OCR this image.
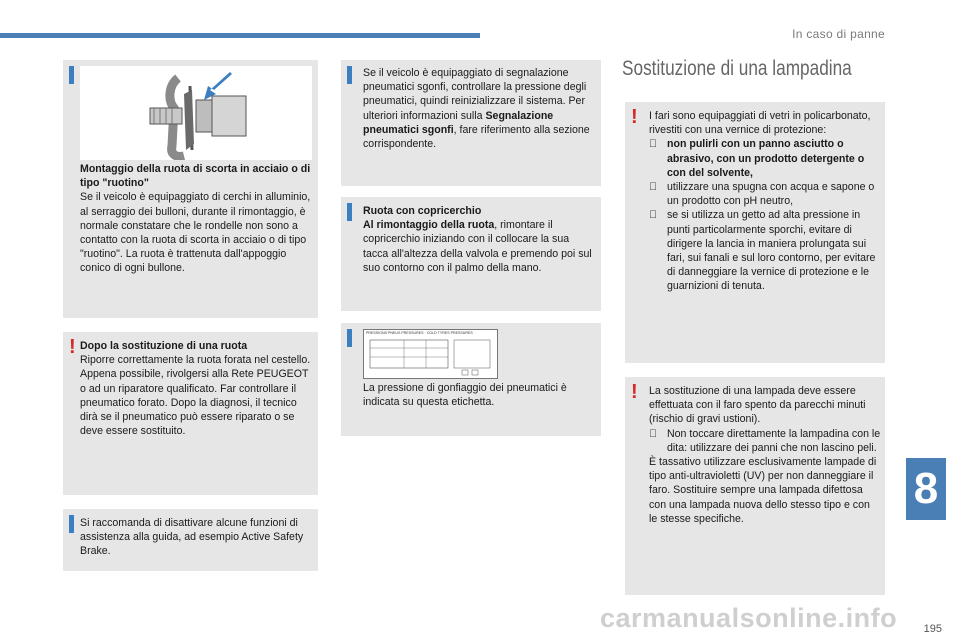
In caso di panne
Montaggio della ruota di scorta in acciaio o di tipo "ruotino"
Se il veicolo è equipaggiato di cerchi in alluminio, al serraggio dei bulloni, durante il rimontaggio, è normale constatare che le rondelle non sono a contatto con la ruota di scorta in acciaio o di tipo "ruotino". La ruota è trattenuta dall'appoggio conico di ogni bullone.
! Dopo la sostituzione di una ruota
Riporre correttamente la ruota forata nel cestello. Appena possibile, rivolgersi alla Rete PEUGEOT o ad un riparatore qualificato. Far controllare il pneumatico forato. Dopo la diagnosi, il tecnico dirà se il pneumatico può essere riparato o se deve essere sostituito.
Si raccomanda di disattivare alcune funzioni di assistenza alla guida, ad esempio Active Safety Brake.
Se il veicolo è equipaggiato di segnalazione pneumatici sgonfi, controllare la pressione degli pneumatici, quindi reinizializzare il sistema. Per ulteriori informazioni sulla Segnalazione pneumatici sgonfi, fare riferimento alla sezione corrispondente.
Ruota con copricerchio
Al rimontaggio della ruota, rimontare il copricerchio iniziando con il collocare la sua tacca all'altezza della valvola e premendo poi sul suo contorno con il palmo della mano.
PRESSIONS PNEUS PRESSURES · COLD TYRES PRESSURES
La pressione di gonfiaggio dei pneumatici è indicata su questa etichetta.
Sostituzione di una lampadina
! I fari sono equipaggiati di vetri in policarbonato, rivestiti con una vernice di protezione:
non pulirli con un panno asciutto o abrasivo, con un prodotto detergente o con del solvente,
utilizzare una spugna con acqua e sapone o un prodotto con pH neutro,
se si utilizza un getto ad alta pressione in punti particolarmente sporchi, evitare di dirigere la lancia in maniera prolungata sui fari, sui fanali e sul loro contorno, per evitare di danneggiare la vernice di protezione e le guarnizioni di tenuta.
! La sostituzione di una lampada deve essere effettuata con il faro spento da parecchi minuti (rischio di gravi ustioni).
Non toccare direttamente la lampadina con le dita: utilizzare dei panni che non lascino peli.
È tassativo utilizzare esclusivamente lampade di tipo anti-ultravioletti (UV) per non danneggiare il faro. Sostituire sempre una lampada difettosa con una lampada nuova dello stesso tipo e con le stesse specifiche.
8
carmanualsonline.info 195
